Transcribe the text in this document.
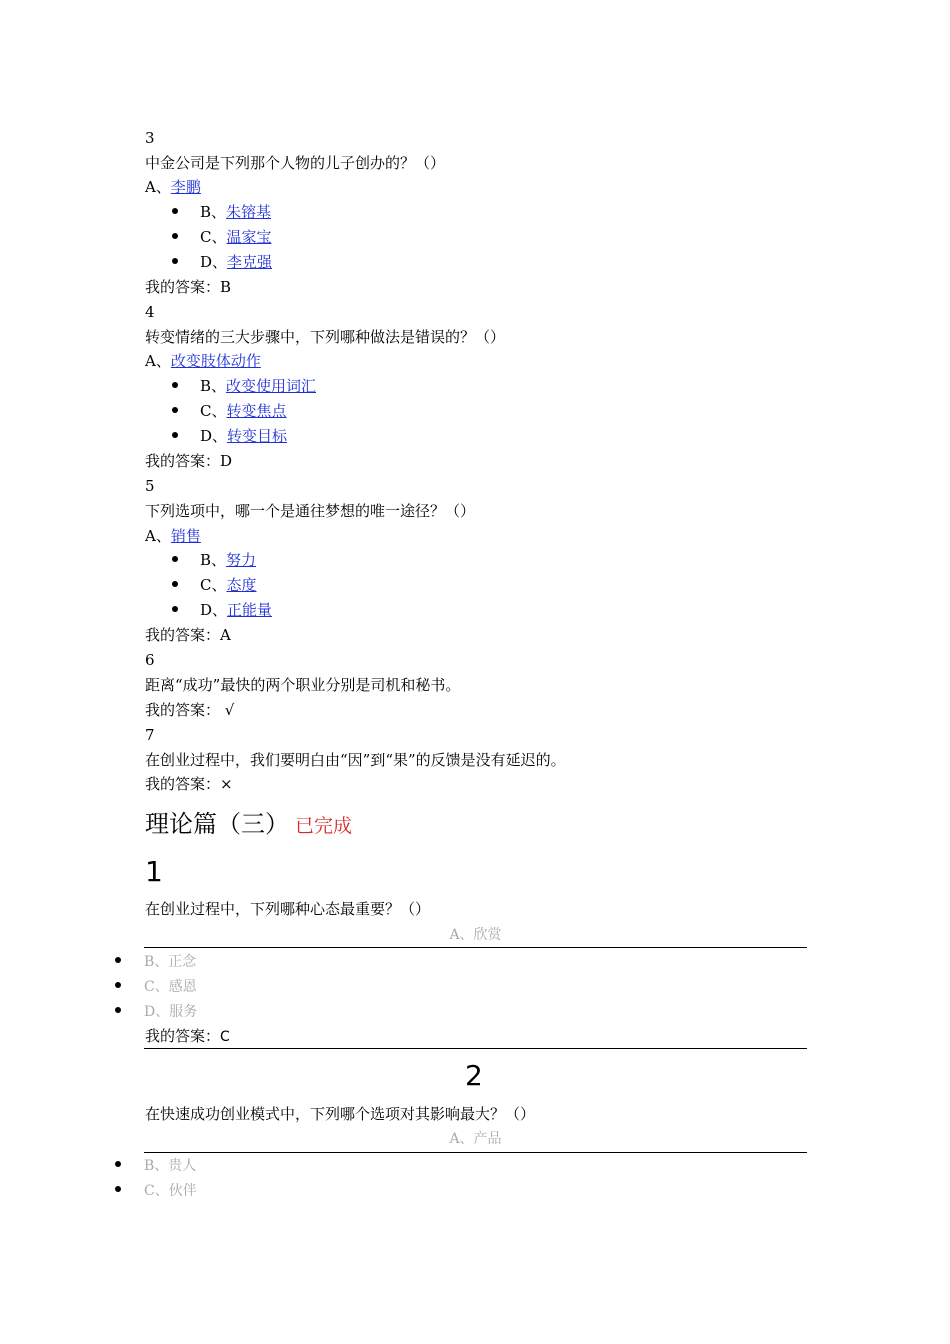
3
中金公司是下列那个人物的儿子创办的？（）
A、李鹏
B、朱镕基
C、温家宝
D、李克强
我的答案：B
4
转变情绪的三大步骤中，下列哪种做法是错误的？（）
A、改变肢体动作
B、改变使用词汇
C、转变焦点
D、转变目标
我的答案：D
5
下列选项中，哪一个是通往梦想的唯一途径？（）
A、销售
B、努力
C、态度
D、正能量
我的答案：A
6
距离“成功”最快的两个职业分别是司机和秘书。
我的答案： √
7
在创业过程中，我们要明白由“因”到“果”的反馈是没有延迟的。
我的答案：×
理论篇（三） 已完成
1
在创业过程中，下列哪种心态最重要？（）
A、欣赏
B、正念
C、感恩
D、服务
我的答案：C
2
在快速成功创业模式中，下列哪个选项对其影响最大？（）
A、产品
B、贵人
C、伙伴
